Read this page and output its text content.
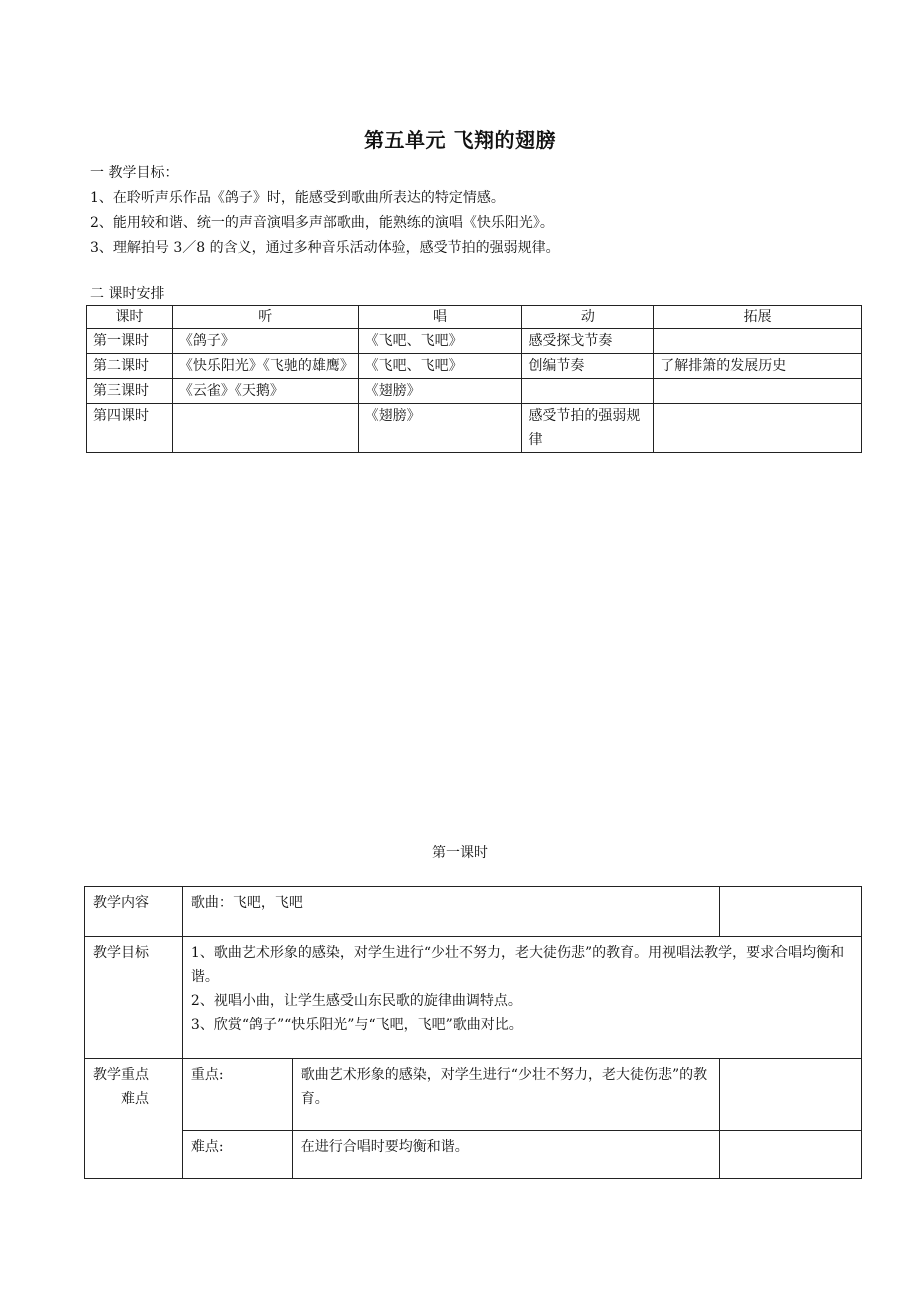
第五单元 飞翔的翅膀
一 教学目标：
1、在聆听声乐作品《鸽子》时，能感受到歌曲所表达的特定情感。
2、能用较和谐、统一的声音演唱多声部歌曲，能熟练的演唱《快乐阳光》。
3、理解拍号 3／8 的含义，通过多种音乐活动体验，感受节拍的强弱规律。
二 课时安排
课时	听	唱	动	拓展
第一课时	《鸽子》	《飞吧、飞吧》	感受探戈节奏	
第二课时	《快乐阳光》《飞驰的雄鹰》	《飞吧、飞吧》	创编节奏	了解排箫的发展历史
第三课时	《云雀》《天鹅》	《翅膀》		
第四课时		《翅膀》	感受节拍的强弱规律	
第一课时
教学内容	歌曲：飞吧，飞吧		
教学目标	1、歌曲艺术形象的感染，对学生进行“少壮不努力，老大徒伤悲”的教育。用视唱法教学，要求合唱均衡和谐。
2、视唱小曲，让学生感受山东民歌的旋律曲调特点。
3、欣赏“鸽子”“快乐阳光”与“飞吧，飞吧”歌曲对比。		

教学重点
难点	重点:	歌曲艺术形象的感染，对学生进行“少壮不努力，老大徒伤悲”的教育。	
	难点:	在进行合唱时要均衡和谐。	
